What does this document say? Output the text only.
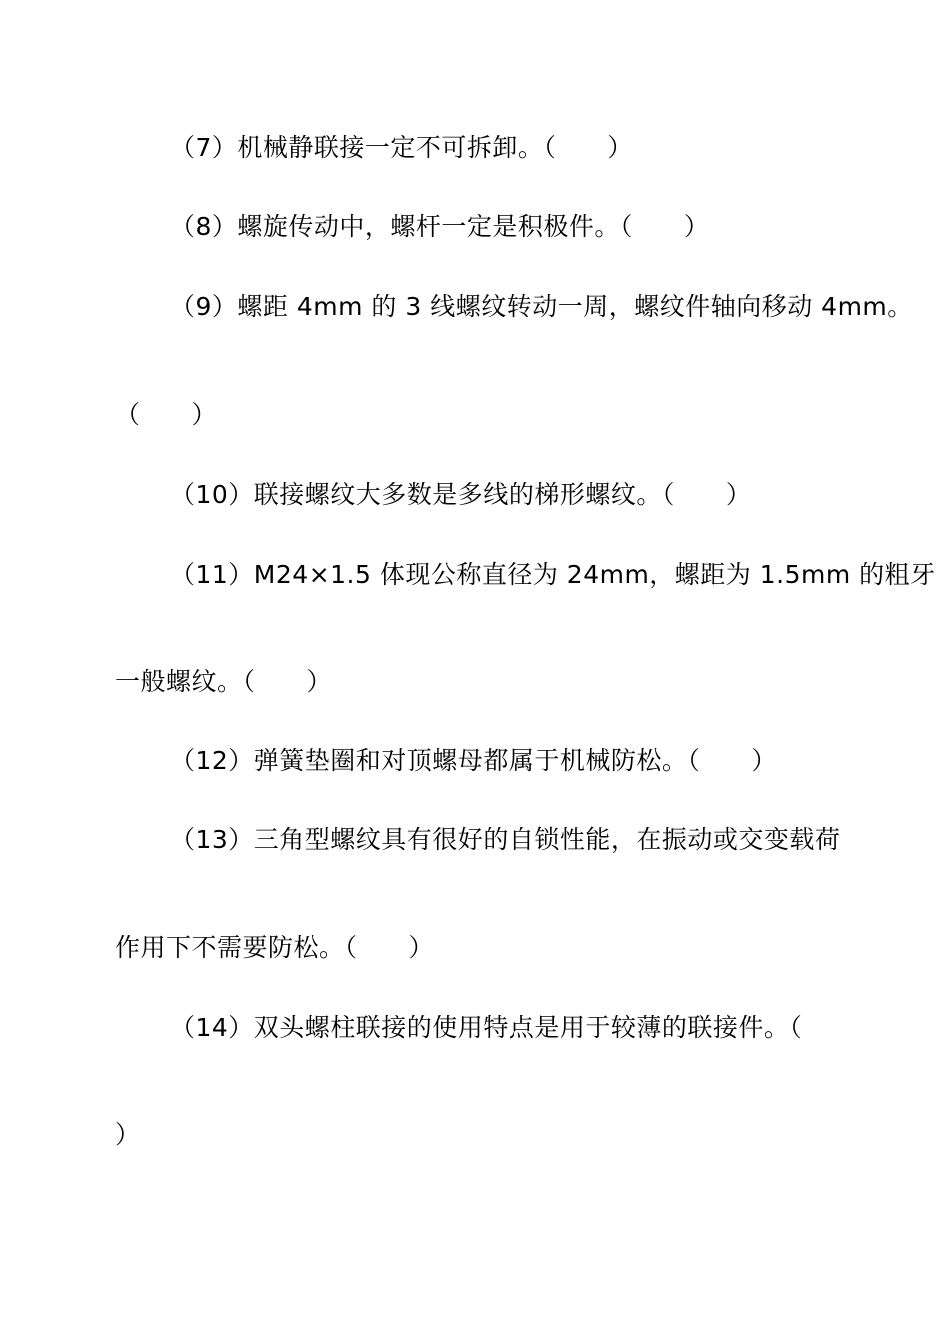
（7）机械静联接一定不可拆卸。（　　）
（8）螺旋传动中，螺杆一定是积极件。（　　）
（9）螺距 4mm 的 3 线螺纹转动一周，螺纹件轴向移动 4mm。
（　　）
（10）联接螺纹大多数是多线的梯形螺纹。（　　）
（11）M24×1.5 体现公称直径为 24mm，螺距为 1.5mm 的粗牙
一般螺纹。（　　）
（12）弹簧垫圈和对顶螺母都属于机械防松。（　　）
（13）三角型螺纹具有很好的自锁性能，在振动或交变载荷
作用下不需要防松。（　　）
（14）双头螺柱联接的使用特点是用于较薄的联接件。（
）
